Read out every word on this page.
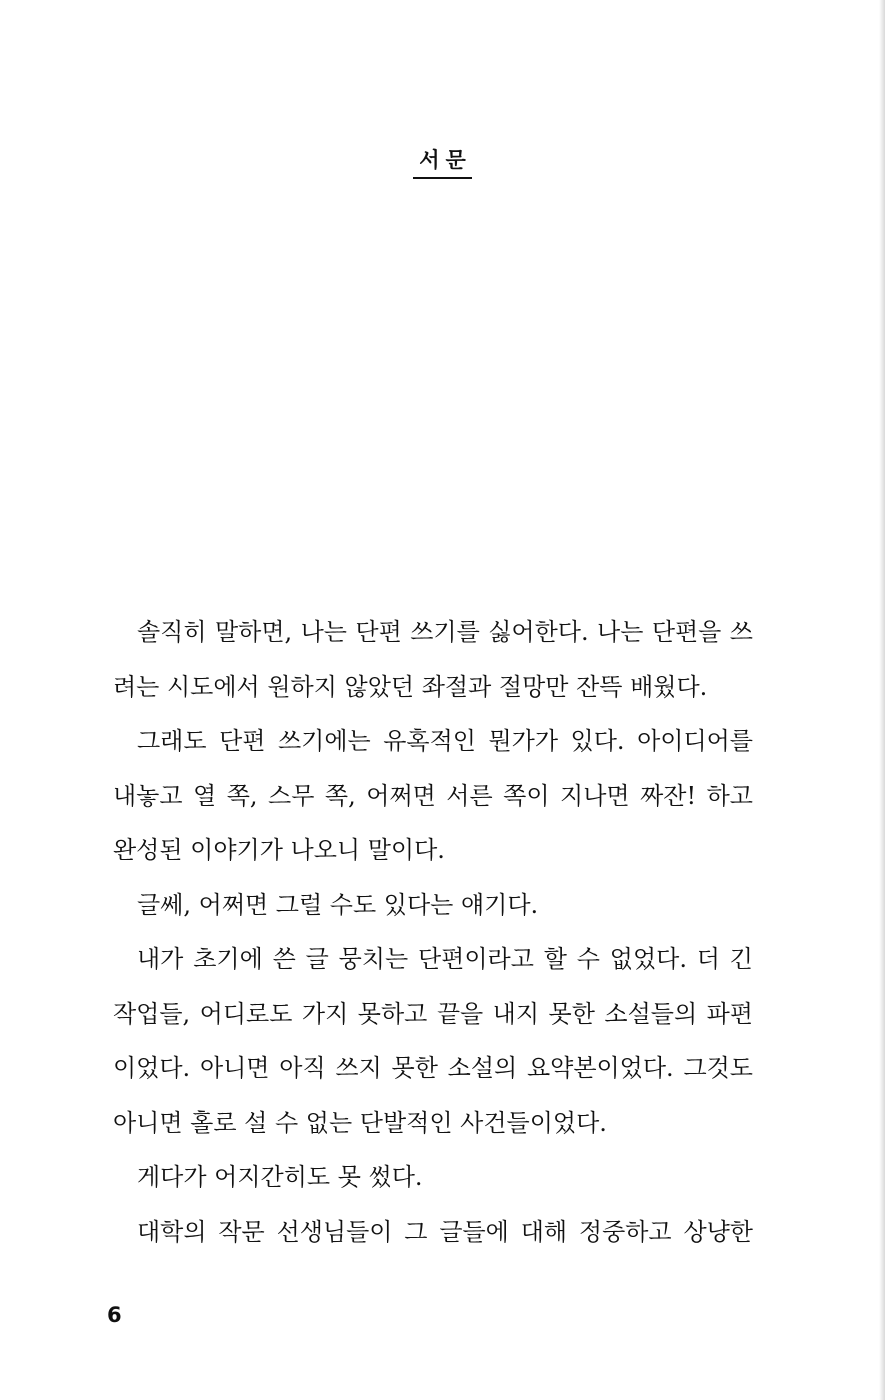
서문
솔직히 말하면, 나는 단편 쓰기를 싫어한다. 나는 단편을 쓰
려는 시도에서 원하지 않았던 좌절과 절망만 잔뜩 배웠다.
그래도 단편 쓰기에는 유혹적인 뭔가가 있다. 아이디어를
내놓고 열 쪽, 스무 쪽, 어쩌면 서른 쪽이 지나면 짜잔! 하고
완성된 이야기가 나오니 말이다.
글쎄, 어쩌면 그럴 수도 있다는 얘기다.
내가 초기에 쓴 글 뭉치는 단편이라고 할 수 없었다. 더 긴
작업들, 어디로도 가지 못하고 끝을 내지 못한 소설들의 파편
이었다. 아니면 아직 쓰지 못한 소설의 요약본이었다. 그것도
아니면 홀로 설 수 없는 단발적인 사건들이었다.
게다가 어지간히도 못 썼다.
대학의 작문 선생님들이 그 글들에 대해 정중하고 상냥한
6
